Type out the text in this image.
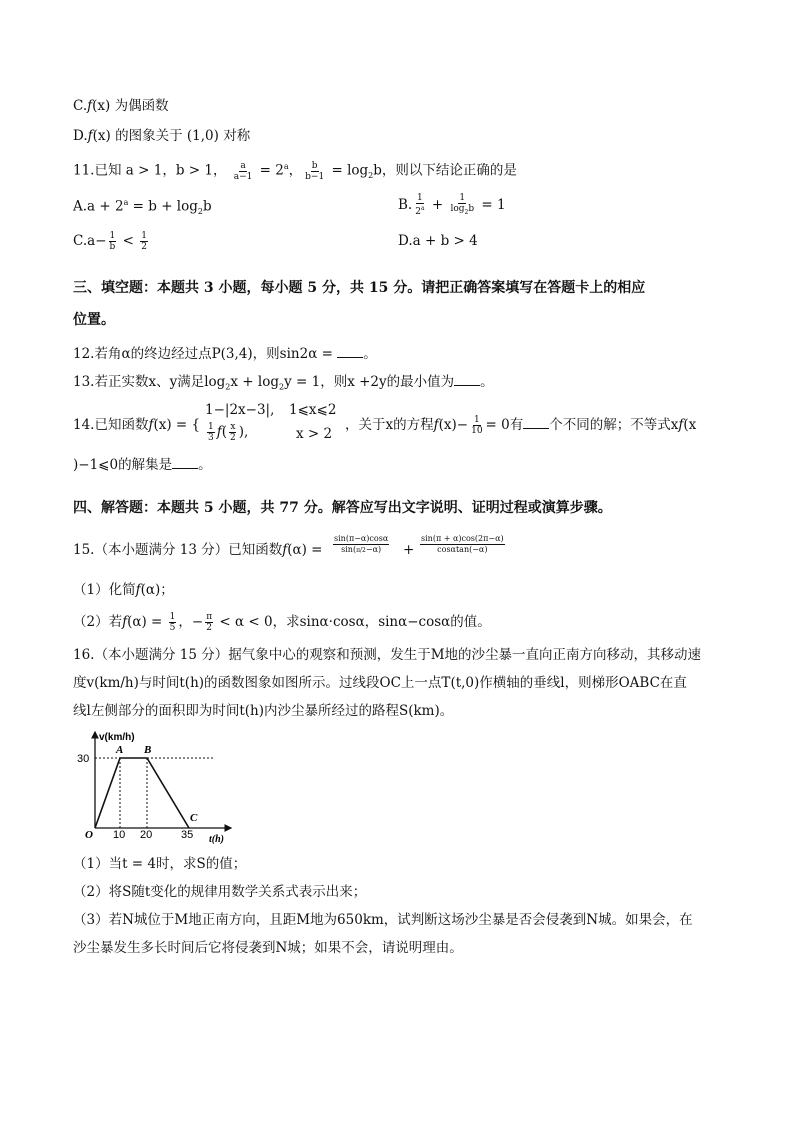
C.f(x) 为偶函数
D.f(x) 的图象关于 (1,0) 对称
11.已知 a > 1，b > 1， $\frac{a}{a-1} = 2^a$， $\frac{b}{b-1} = \log_2b$，则以下结论正确的是
$A.a + 2^a = b + \log_2b$	B. $\frac{1}{2^a} + \frac{1}{\log_2b} = 1$
$C.a- \frac{1}{b} < \frac{1}{2}$	D.a + b > 4
三、填空题：本题共 3 小题，每小题 5 分，共 15 分。请把正确答案填写在答题卡上的相应
位置。
12.若角α的终边经过点P(3,4)，则sin2α = 。
13.若正实数x、y满足$\log_2x + \log_2y = 1$，则x +2y的最小值为 。
14.已知函数f(x) = {
1−|2x−3|, 1⩽x⩽2
$\frac{1}{3} f( \frac{x}{2}$ ),	x > 2
，关于x的方程$f(x)- \frac{1}{10} = 0$有 个不同的解；不等式xf(x
)−1⩽0的解集是 。
四、解答题：本题共 5 小题，共 77 分。解答应写出文字说明、证明过程或演算步骤。
15.（本小题满分 13 分）已知函数$f(\alpha) = \frac{\sin(\pi-\alpha)\cos\alpha}{\sin(\pi/2-\alpha)} + \frac{\sin(\pi + \alpha)\cos(2\pi-\alpha)}{\cos\alpha\tan(-\alpha)}$
（1）化简f(α)；
（2）若$f(\alpha) = \frac{1}{5}$ ，− $\frac{\pi}{2} < \alpha < 0$，求sinα·cosα，sinα−cosα的值。
16.（本小题满分 15 分）据气象中心的观察和预测，发生于M地的沙尘暴一直向正南方向移动，其移动速
度v(km/h)与时间t(h)的函数图象如图所示。过线段OC上一点T(t,0)作横轴的垂线l，则梯形OABC在直
线l左侧部分的面积即为时间t(h)内沙尘暴所经过的路程S(km)。
v(km/h)
30
O 10 20	35 t(h)
A B
C
（1）当t = 4时，求S的值；
（2）将S随t变化的规律用数学关系式表示出来；
（3）若N城位于M地正南方向，且距M地为650km，试判断这场沙尘暴是否会侵袭到N城。如果会，在
沙尘暴发生多长时间后它将侵袭到N城；如果不会，请说明理由。
